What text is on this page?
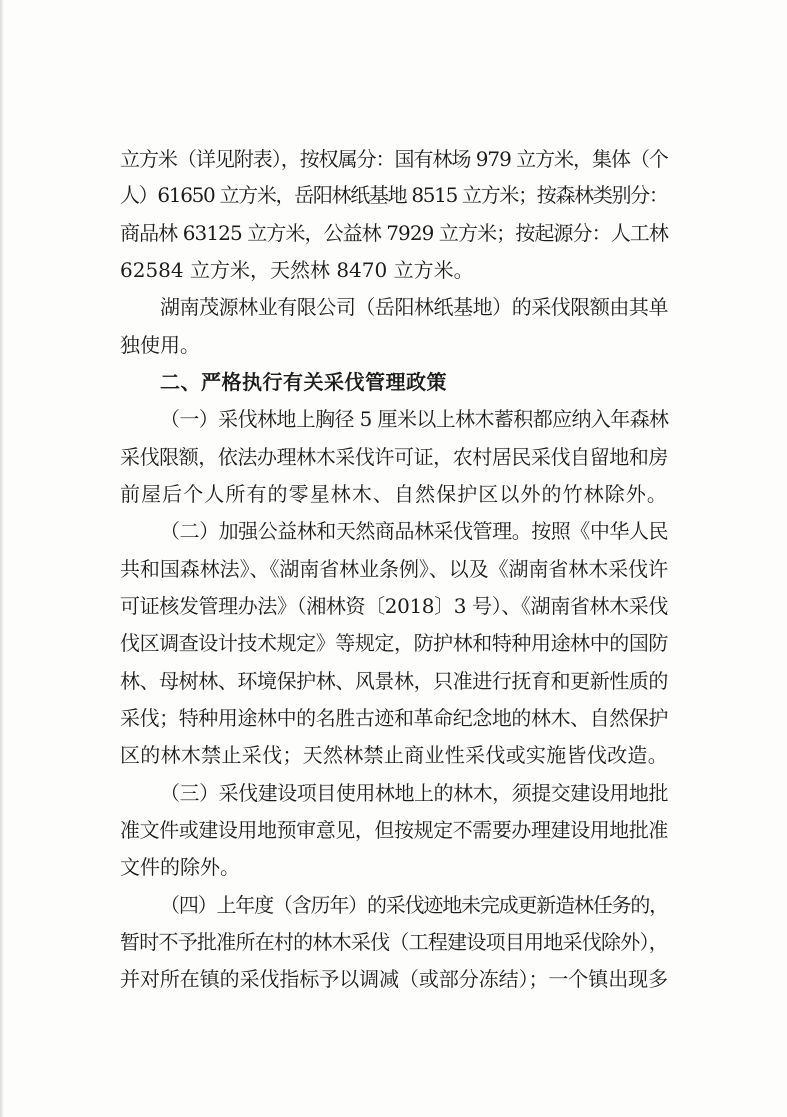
立方米（详见附表），按权属分：国有林场 979 立方米，集体（个
人）61650 立方米，岳阳林纸基地 8515 立方米；按森林类别分：
商品林 63125 立方米，公益林 7929 立方米；按起源分：人工林
62584 立方米，天然林 8470 立方米。
湖南茂源林业有限公司（岳阳林纸基地）的采伐限额由其单
独使用。
二、严格执行有关采伐管理政策
（一）采伐林地上胸径 5 厘米以上林木蓄积都应纳入年森林
采伐限额，依法办理林木采伐许可证，农村居民采伐自留地和房
前屋后个人所有的零星林木、自然保护区以外的竹林除外。
（二）加强公益林和天然商品林采伐管理。按照《中华人民
共和国森林法》、《湖南省林业条例》、以及《湖南省林木采伐许
可证核发管理办法》（湘林资〔2018〕3 号）、《湖南省林木采伐
伐区调查设计技术规定》等规定，防护林和特种用途林中的国防
林、母树林、环境保护林、风景林，只准进行抚育和更新性质的
采伐；特种用途林中的名胜古迹和革命纪念地的林木、自然保护
区的林木禁止采伐；天然林禁止商业性采伐或实施皆伐改造。
（三）采伐建设项目使用林地上的林木，须提交建设用地批
准文件或建设用地预审意见，但按规定不需要办理建设用地批准
文件的除外。
（四）上年度（含历年）的采伐迹地未完成更新造林任务的，
暂时不予批准所在村的林木采伐（工程建设项目用地采伐除外），
并对所在镇的采伐指标予以调减（或部分冻结）；一个镇出现多
